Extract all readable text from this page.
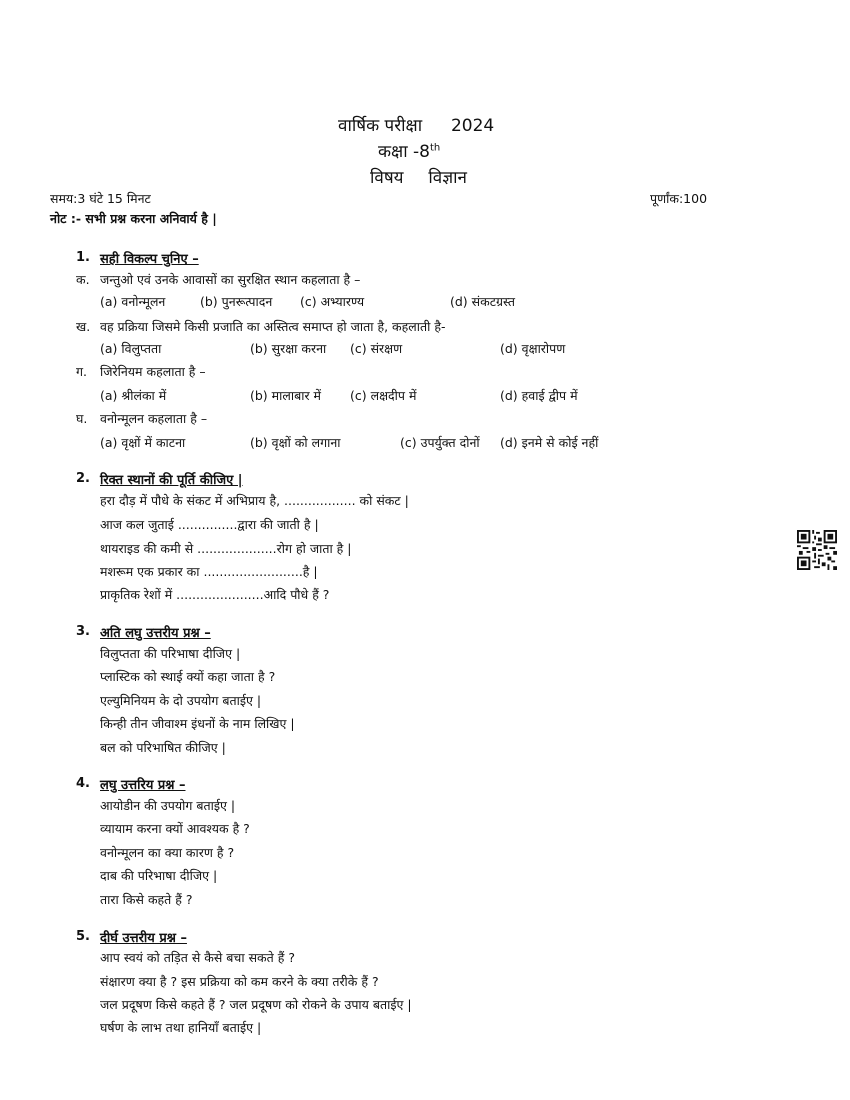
वार्षिक परीक्षा 2024
कक्षा -8th
विषय विज्ञान
समय:3 घंटे 15 मिनट	पूर्णांक:100
नोट :- सभी प्रश्न करना अनिवार्य है |
1. सही विकल्प चुनिए –
क. जन्तुओ एवं उनके आवासों का सुरक्षित स्थान कहलाता है –
(a) वनोन्मूलन	(b) पुनरूत्पादन (c) अभ्यारण्य	(d) संकटग्रस्त
ख. वह प्रक्रिया जिसमे किसी प्रजाति का अस्तित्व समाप्त हो जाता है, कहलाती है-
(a) विलुप्तता	(b) सुरक्षा करना (c) संरक्षण	(d) वृक्षारोपण
ग. जिरेनियम कहलाता है –
(a) श्रीलंका में	(b) मालाबार में (c) लक्षदीप में	(d) हवाई द्वीप में
घ. वनोन्मूलन कहलाता है –
(a) वृक्षों में काटना	(b) वृक्षों को लगाना	(c) उपर्युक्त दोनों (d) इनमे से कोई नहीं
2. रिक्त स्थानों की पूर्ति कीजिए |
हरा दौड़ में पौधे के संकट में अभिप्राय है, .................. को संकट |
आज कल जुताई ...............द्वारा की जाती है |
थायराइड की कमी से ....................रोग हो जाता है |
मशरूम एक प्रकार का .........................है |
प्राकृतिक रेशों में ......................आदि पौधे हैं ?
3. अति लघु उत्तरीय प्रश्न –
विलुप्तता की परिभाषा दीजिए |
प्लास्टिक को स्थाई क्यों कहा जाता है ?
एल्युमिनियम के दो उपयोग बताईए |
किन्ही तीन जीवाश्म इंधनों के नाम लिखिए |
बल को परिभाषित कीजिए |
4. लघु उत्तरिय प्रश्न –
आयोडीन की उपयोग बताईए |
व्यायाम करना क्यों आवश्यक है ?
वनोन्मूलन का क्या कारण है ?
दाब की परिभाषा दीजिए |
तारा किसे कहते हैं ?
5. दीर्घ उत्तरीय प्रश्न –
आप स्वयं को तड़ित से कैसे बचा सकते हैं ?
संक्षारण क्या है ? इस प्रक्रिया को कम करने के क्या तरीके हैं ?
जल प्रदूषण किसे कहते हैं ? जल प्रदूषण को रोकने के उपाय बताईए |
घर्षण के लाभ तथा हानियाँ बताईए |
